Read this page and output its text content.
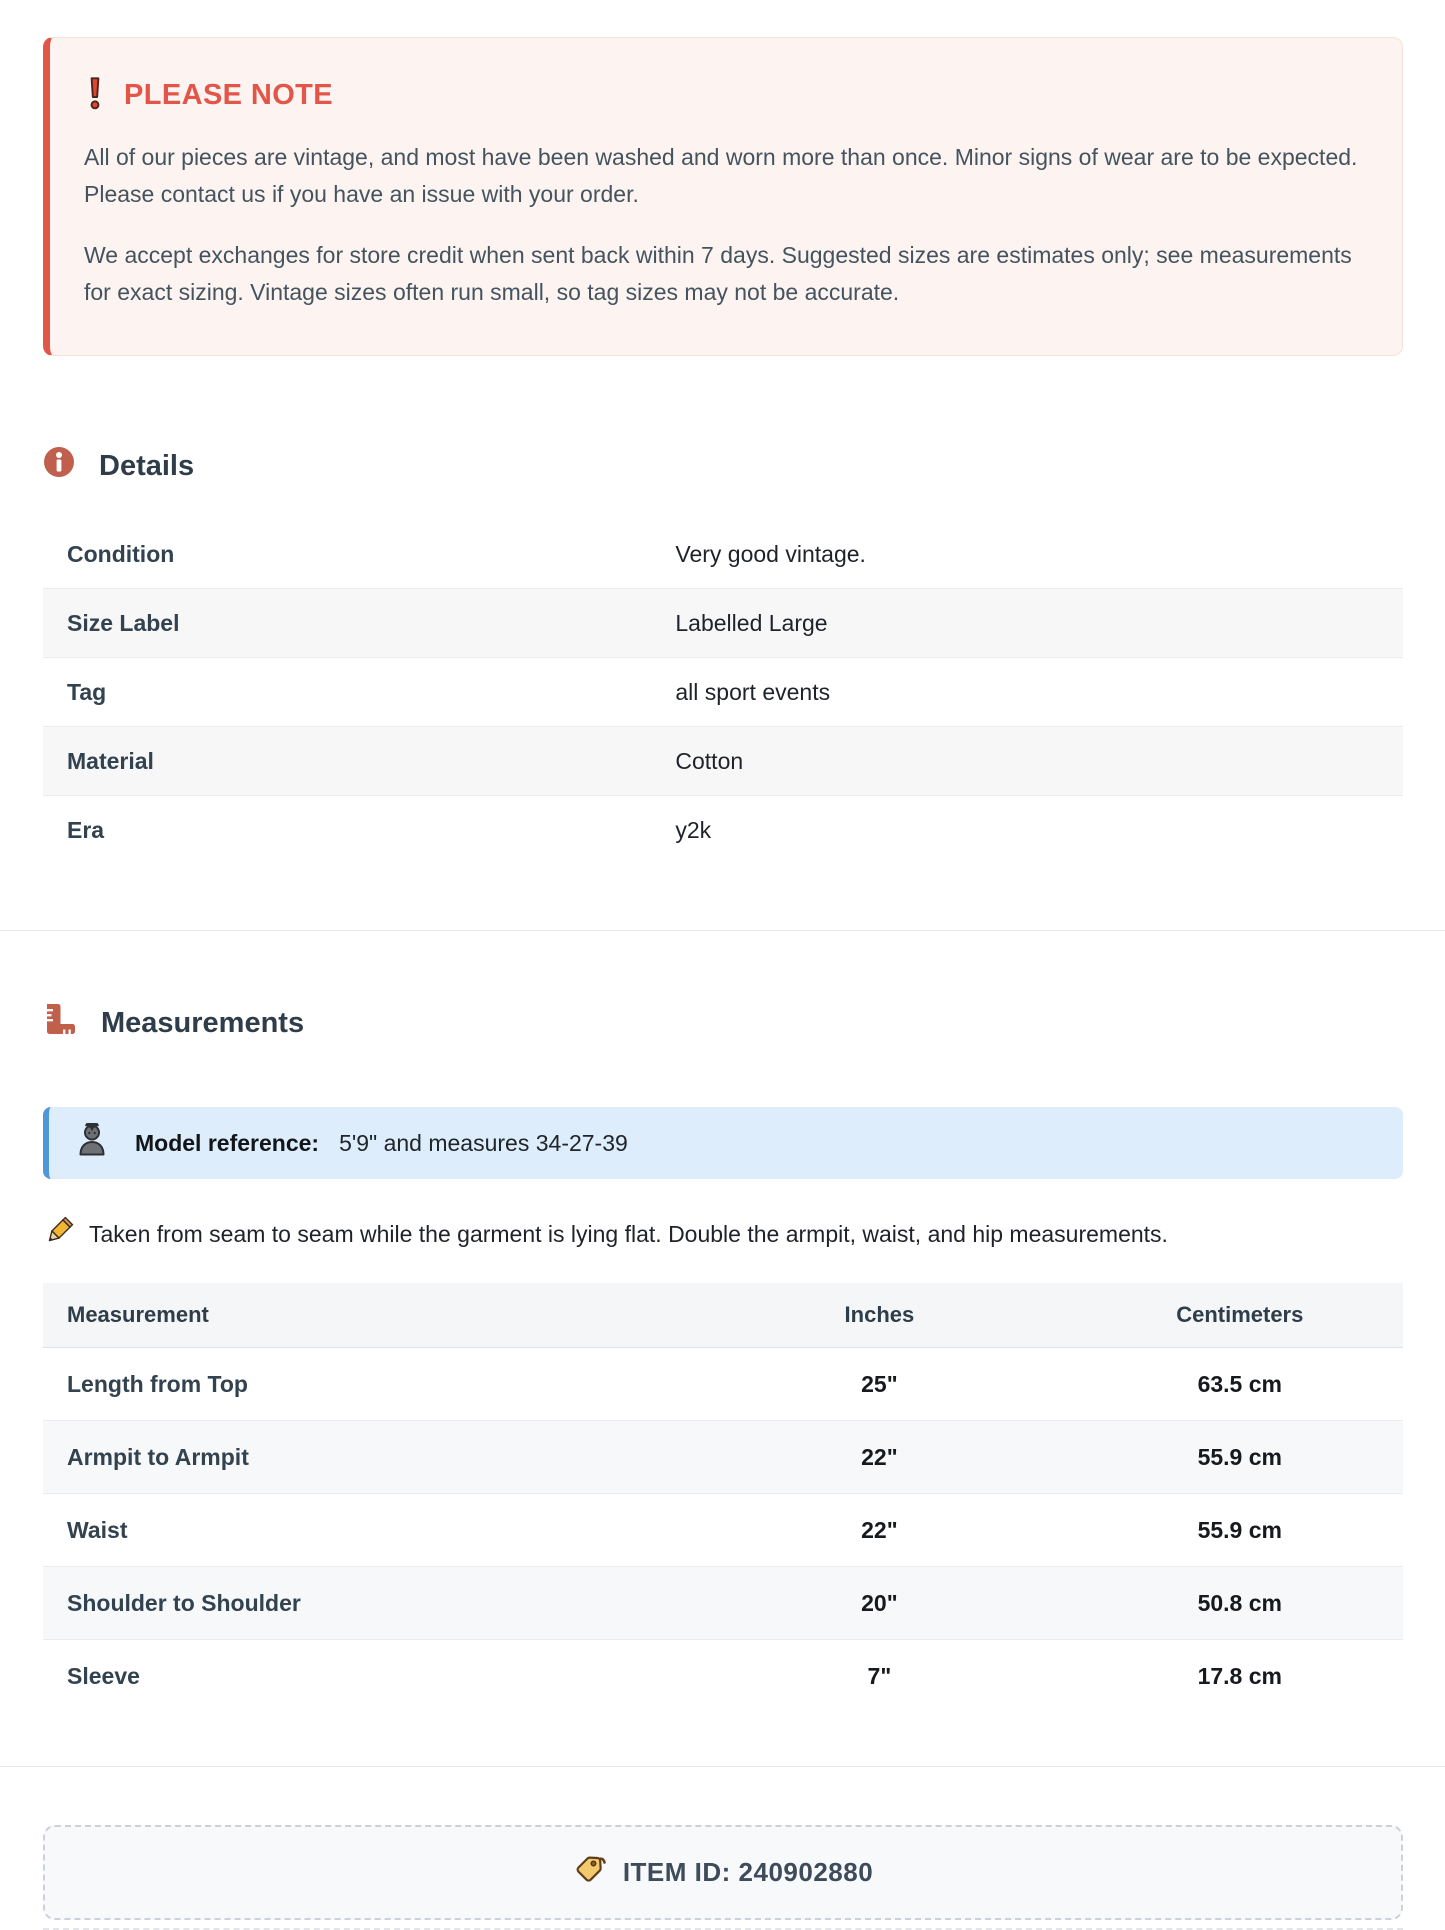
PLEASE NOTE

All of our pieces are vintage, and most have been washed and worn more than once. Minor signs of wear are to be expected. Please contact us if you have an issue with your order.

We accept exchanges for store credit when sent back within 7 days. Suggested sizes are estimates only; see measurements for exact sizing. Vintage sizes often run small, so tag sizes may not be accurate.

Details
Condition	Very good vintage.
Size Label	Labelled Large
Tag	all sport events
Material	Cotton
Era	y2k
Measurements
Model reference: 5'9" and measures 34-27-39
Taken from seam to seam while the garment is lying flat. Double the armpit, waist, and hip measurements.
Measurement	Inches	Centimeters
Length from Top	25"	63.5 cm
Armpit to Armpit	22"	55.9 cm
Waist	22"	55.9 cm
Shoulder to Shoulder	20"	50.8 cm
Sleeve	7"	17.8 cm
ITEM ID: 240902880
